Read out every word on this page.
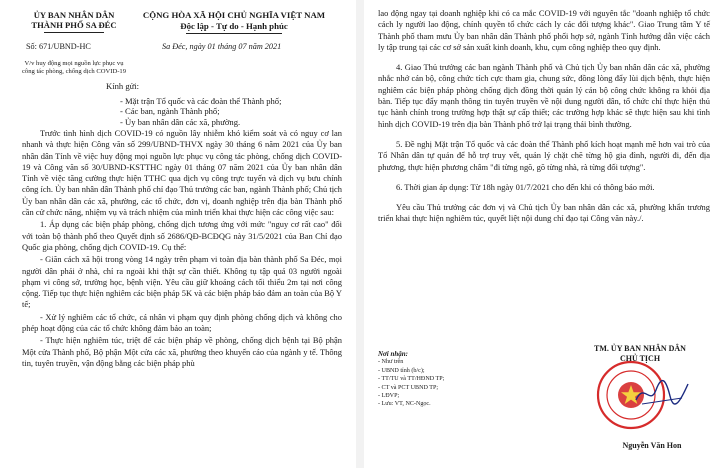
ỦY BAN NHÂN DÂN
THÀNH PHỐ SA ĐÉC
CỘNG HÒA XÃ HỘI CHỦ NGHĨA VIỆT NAM
Độc lập - Tự do - Hạnh phúc
Số: 671/UBND-HC	Sa Đéc, ngày 01 tháng 07 năm 2021
V/v huy động mọi nguồn lực phục vụ
công tác phòng, chống dịch COVID-19
Kính gửi:
- Mặt trận Tổ quốc và các đoàn thể Thành phố;
- Các ban, ngành Thành phố;
- Ủy ban nhân dân các xã, phường.

Trước tình hình dịch COVID-19 có nguồn lây nhiễm khó kiểm soát và có nguy cơ lan nhanh và thực hiện Công văn số 299/UBND-THVX ngày 30 tháng 6 năm 2021 của Ủy ban nhân dân Tỉnh về việc huy động mọi nguồn lực phục vụ công tác phòng, chống dịch COVID-19 và Công văn số 30/UBND-KSTTHC ngày 01 tháng 07 năm 2021 của Ủy ban nhân dân Tỉnh về việc tăng cường thực hiện TTHC qua dịch vụ công trực tuyến và dịch vụ bưu chính công ích. Ủy ban nhân dân Thành phố chỉ đạo Thủ trưởng các ban, ngành Thành phố; Chủ tịch Ủy ban nhân dân các xã, phường, các tổ chức, đơn vị, doanh nghiệp trên địa bàn Thành phố cần cử chức năng, nhiệm vụ và trách nhiệm của mình triển khai thực hiện các công việc sau:

1. Áp dụng các biện pháp phòng, chống dịch tương ứng với mức "nguy cơ rất cao" đối với toàn bộ thành phố theo Quyết định số 2686/QĐ-BCĐQG này 31/5/2021 của Ban Chỉ đạo Quốc gia phòng, chống dịch COVID-19. Cụ thể:

- Giãn cách xã hội trong vòng 14 ngày trên phạm vi toàn địa bàn thành phố Sa Đéc, mọi người dân phải ở nhà, chỉ ra ngoài khi thật sự cần thiết. Không tụ tập quá 03 người ngoài phạm vi công sở, trường học, bệnh viện. Yêu cầu giữ khoảng cách tối thiểu 2m tại nơi công cộng. Tiếp tục thực hiện nghiêm các biện pháp 5K và các biện pháp bảo đảm an toàn của Bộ Y tế;

- Xử lý nghiêm các tổ chức, cá nhân vi phạm quy định phòng chống dịch và không cho phép hoạt động của các tổ chức không đảm bảo an toàn;

- Thực hiện nghiêm túc, triệt để các biện pháp về phòng, chống dịch bệnh tại Bộ phận Một cửa Thành phố, Bộ phận Một cửa các xã, phường theo khuyến cáo của ngành y tế. Thông tin, tuyên truyền, vận động bằng các biện pháp phù

lao động ngay tại doanh nghiệp khi có ca mắc COVID-19 với nguyên tắc "doanh nghiệp tổ chức cách ly người lao động, chính quyền tổ chức cách ly các đối tượng khác". Giao Trung tâm Y tế Thành phố tham mưu Ủy ban nhân dân Thành phố phối hợp sở, ngành Tỉnh hướng dẫn việc cách ly tập trung tại các cơ sở sản xuất kinh doanh, khu, cụm công nghiệp theo quy định.

4. Giao Thủ trưởng các ban ngành Thành phố và Chủ tịch Ủy ban nhân dân các xã, phường nhắc nhở cán bộ, công chức tích cực tham gia, chung sức, đồng lòng đẩy lùi dịch bệnh, thực hiện nghiêm các biện pháp phòng chống dịch đồng thời quản lý cán bộ công chức không ra khỏi địa bàn. Tiếp tục đẩy mạnh thông tin tuyên truyền về nội dung người dân, tổ chức chỉ thực hiện thủ tục hành chính trong trường hợp thật sự cấp thiết; các trường hợp khác sẽ thực hiện sau khi tình hình dịch COVID-19 trên địa bàn Thành phố trở lại trạng thái bình thường.

5. Đề nghị Mặt trận Tổ quốc và các đoàn thể Thành phố kích hoạt mạnh mẽ hơn vai trò của Tổ Nhân dân tự quản để hỗ trợ truy vết, quản lý chặt chẽ từng hộ gia đình, người đi, đến địa phương, thực hiện phương châm "đi từng ngõ, gõ từng nhà, rà từng đối tượng".

6. Thời gian áp dụng: Từ 18h ngày 01/7/2021 cho đến khi có thông báo mới.

Yêu cầu Thủ trưởng các đơn vị và Chủ tịch Ủy ban nhân dân các xã, phường khẩn trương triển khai thực hiện nghiêm túc, quyết liệt nội dung chỉ đạo tại Công văn này./.

Nơi nhận:
- Như trên
- UBND tỉnh (b/c);
- TT/TU và TT/HĐND TP;
- CT và PCT UBND TP;
- LĐVP;
- Lưu: VT, NC-Ngọc.
TM. ỦY BAN NHÂN DÂN
CHỦ TỊCH
Nguyễn Văn Hon
